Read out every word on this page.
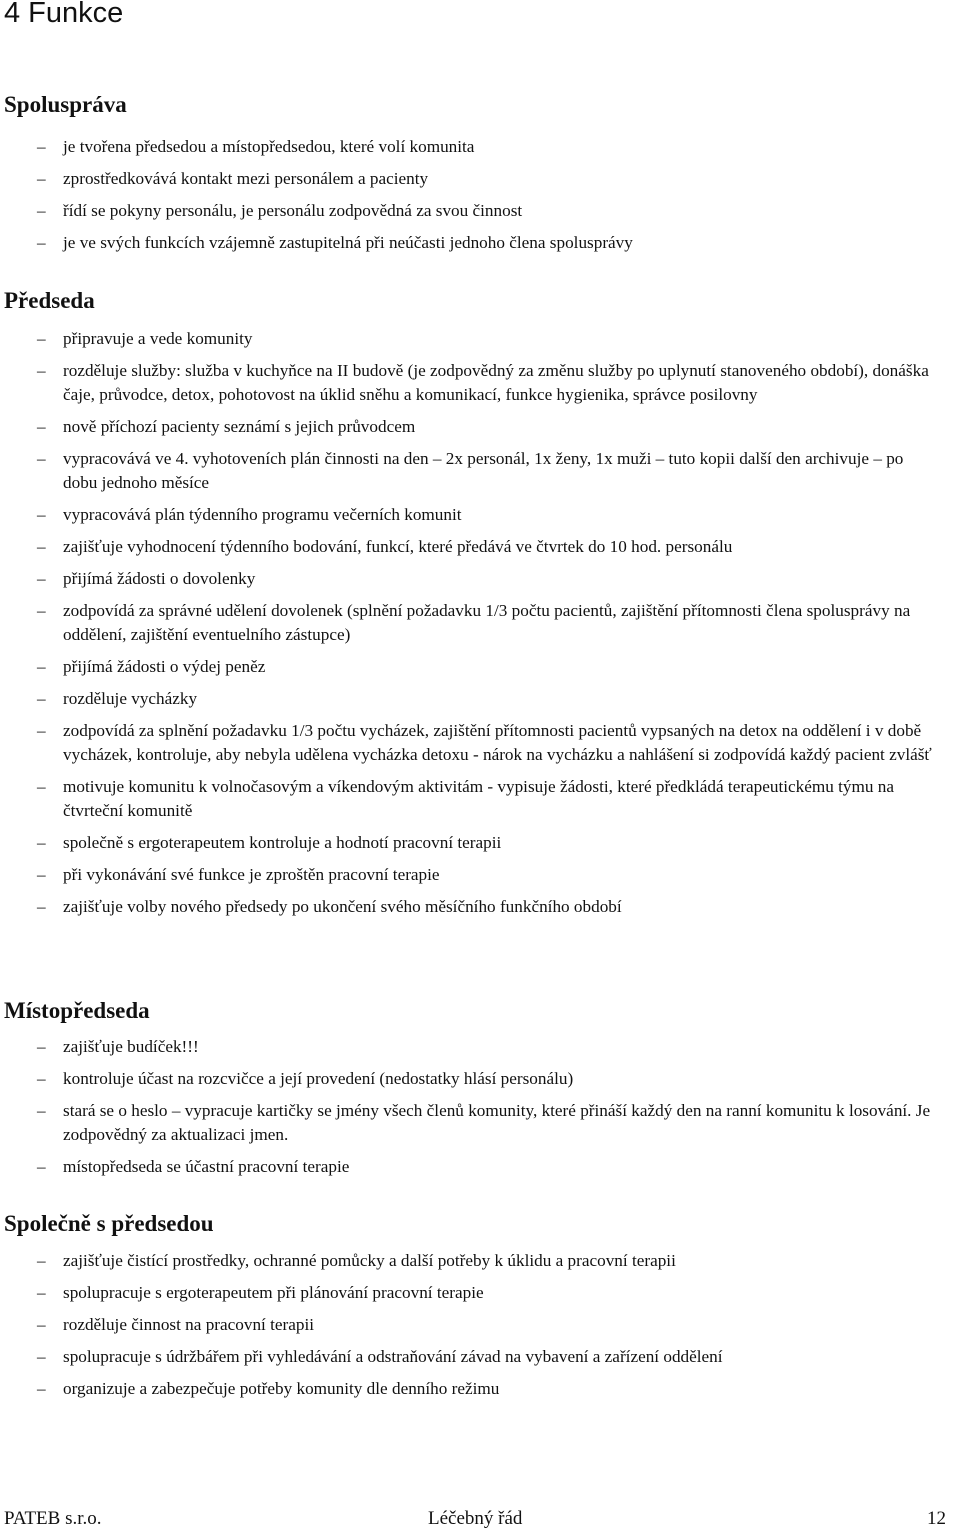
4 Funkce
Spolusprávа
– je tvořena předsedou a místopředsedou, které volí komunita
– zprostředkovává kontakt mezi personálem a pacienty
– řídí se pokyny personálu, je personálu zodpovědná za svou činnost
– je ve svých funkcích vzájemně zastupitelná při neúčasti jednoho člena spolusprávy
Předseda
– připravuje a vede komunity
– rozděluje služby: služba v kuchyňce na II budově (je zodpovědný za změnu služby po uplynutí stanoveného období), donáška čaje, průvodce, detox, pohotovost na úklid sněhu a komunikací, funkce hygienika, správce posilovny
– nově příchozí pacienty seznámí s jejich průvodcem
– vypracovává ve 4. vyhotoveních plán činnosti na den – 2x personál, 1x ženy, 1x muži – tuto kopii další den archivuje – po dobu jednoho měsíce
– vypracovává plán týdenního programu večerních komunit
– zajišťuje vyhodnocení týdenního bodování, funkcí, které předává ve čtvrtek do 10 hod. personálu
– přijímá žádosti o dovolenky
– zodpovídá za správné udělení dovolenek (splnění požadavku 1/3 počtu pacientů, zajištění přítomnosti člena spolusprávy na oddělení, zajištění eventuelního zástupce)
– přijímá žádosti o výdej peněz
– rozděluje vycházky
– zodpovídá za splnění požadavku 1/3 počtu vycházek, zajištění přítomnosti pacientů vypsaných na detox na oddělení i v době vycházek, kontroluje, aby nebyla udělena vycházka detoxu - nárok na vycházku a nahlášení si zodpovídá každý pacient zvlášť
– motivuje komunitu k volnočasovým a víkendovým aktivitám - vypisuje žádosti, které předkládá terapeutickému týmu na čtvrteční komunitě
– společně s ergoterapeutem kontroluje a hodnotí pracovní terapii
– při vykonávání své funkce je zproštěn pracovní terapie
– zajišťuje volby nového předsedy po ukončení svého měsíčního funkčního období
Místopředseda
– zajišťuje budíček!!!
– kontroluje účast na rozcvičce a její provedení (nedostatky hlásí personálu)
– stará se o heslo – vypracuje kartičky se jmény všech členů komunity, které přináší každý den na ranní komunitu k losování. Je zodpovědný za aktualizaci jmen.
– místopředseda se účastní pracovní terapie
Společně s předsedou
– zajišťuje čistící prostředky, ochranné pomůcky a další potřeby k úklidu a pracovní terapii
– spolupracuje s ergoterapeutem při plánování pracovní terapie
– rozděluje činnost na pracovní terapii
– spolupracuje s údržbářem při vyhledávání a odstraňování závad na vybavení a zařízení oddělení
– organizuje a zabezpečuje potřeby komunity dle denního režimu
PATEB s.r.o.	Léčebný řád	12
